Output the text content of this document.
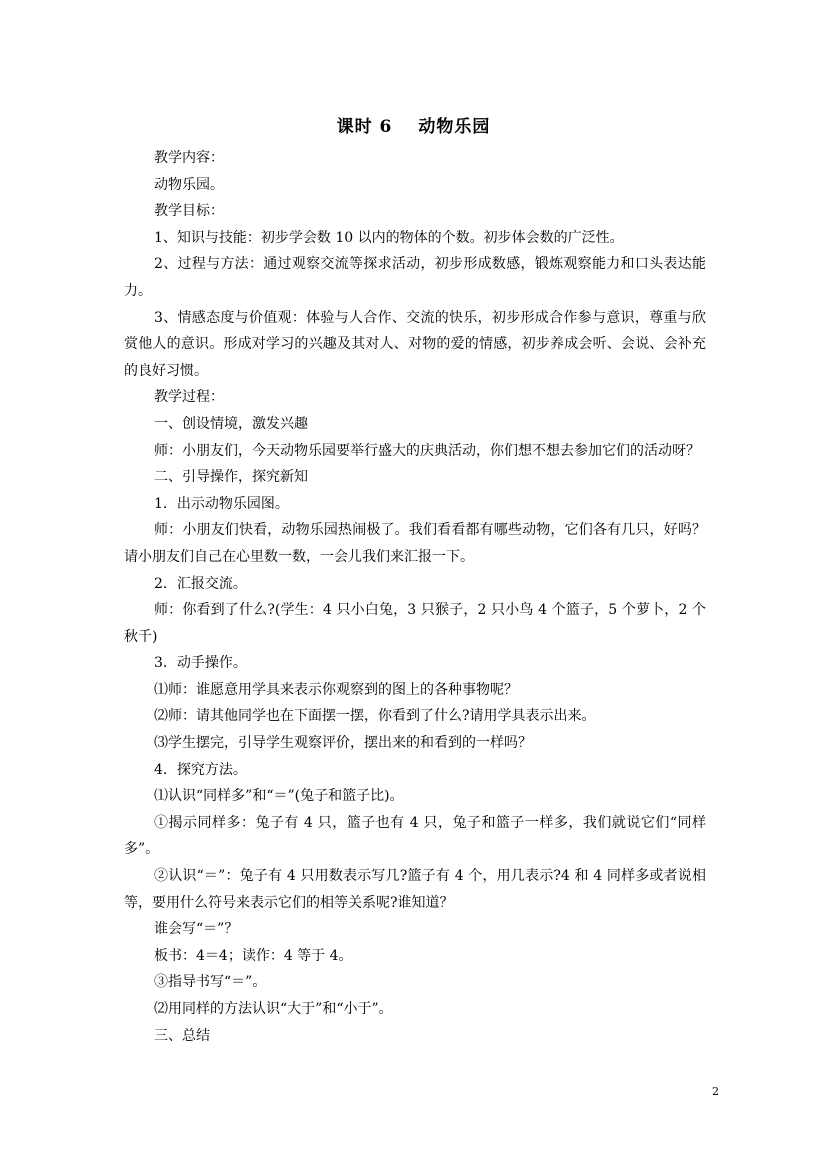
课时 6 动物乐园

教学内容：

动物乐园。

教学目标：

1、知识与技能：初步学会数 10 以内的物体的个数。初步体会数的广泛性。

2、过程与方法：通过观察交流等探求活动，初步形成数感，锻炼观察能力和口头表达能力。

3、情感态度与价值观：体验与人合作、交流的快乐，初步形成合作参与意识，尊重与欣赏他人的意识。形成对学习的兴趣及其对人、对物的爱的情感，初步养成会听、会说、会补充的良好习惯。

教学过程：

一、创设情境，激发兴趣

师：小朋友们，今天动物乐园要举行盛大的庆典活动，你们想不想去参加它们的活动呀？

二、引导操作，探究新知

1．出示动物乐园图。

师：小朋友们快看，动物乐园热闹极了。我们看看都有哪些动物，它们各有几只，好吗？请小朋友们自己在心里数一数，一会儿我们来汇报一下。

2．汇报交流。

师：你看到了什么?(学生：4 只小白兔，3 只猴子，2 只小鸟 4 个篮子，5 个萝卜，2 个秋千)

3．动手操作。

⑴师：谁愿意用学具来表示你观察到的图上的各种事物呢？

⑵师：请其他同学也在下面摆一摆，你看到了什么?请用学具表示出来。

⑶学生摆完，引导学生观察评价，摆出来的和看到的一样吗？

4．探究方法。

⑴认识“同样多”和“＝”(兔子和篮子比)。

①揭示同样多：兔子有 4 只，篮子也有 4 只，兔子和篮子一样多，我们就说它们“同样多”。

②认识“＝”：兔子有 4 只用数表示写几?篮子有 4 个，用几表示?4 和 4 同样多或者说相等，要用什么符号来表示它们的相等关系呢?谁知道？

谁会写“＝”？

板书：4＝4；读作：4 等于 4。

③指导书写“＝”。

⑵用同样的方法认识“大于”和“小于”。

三、总结

2
